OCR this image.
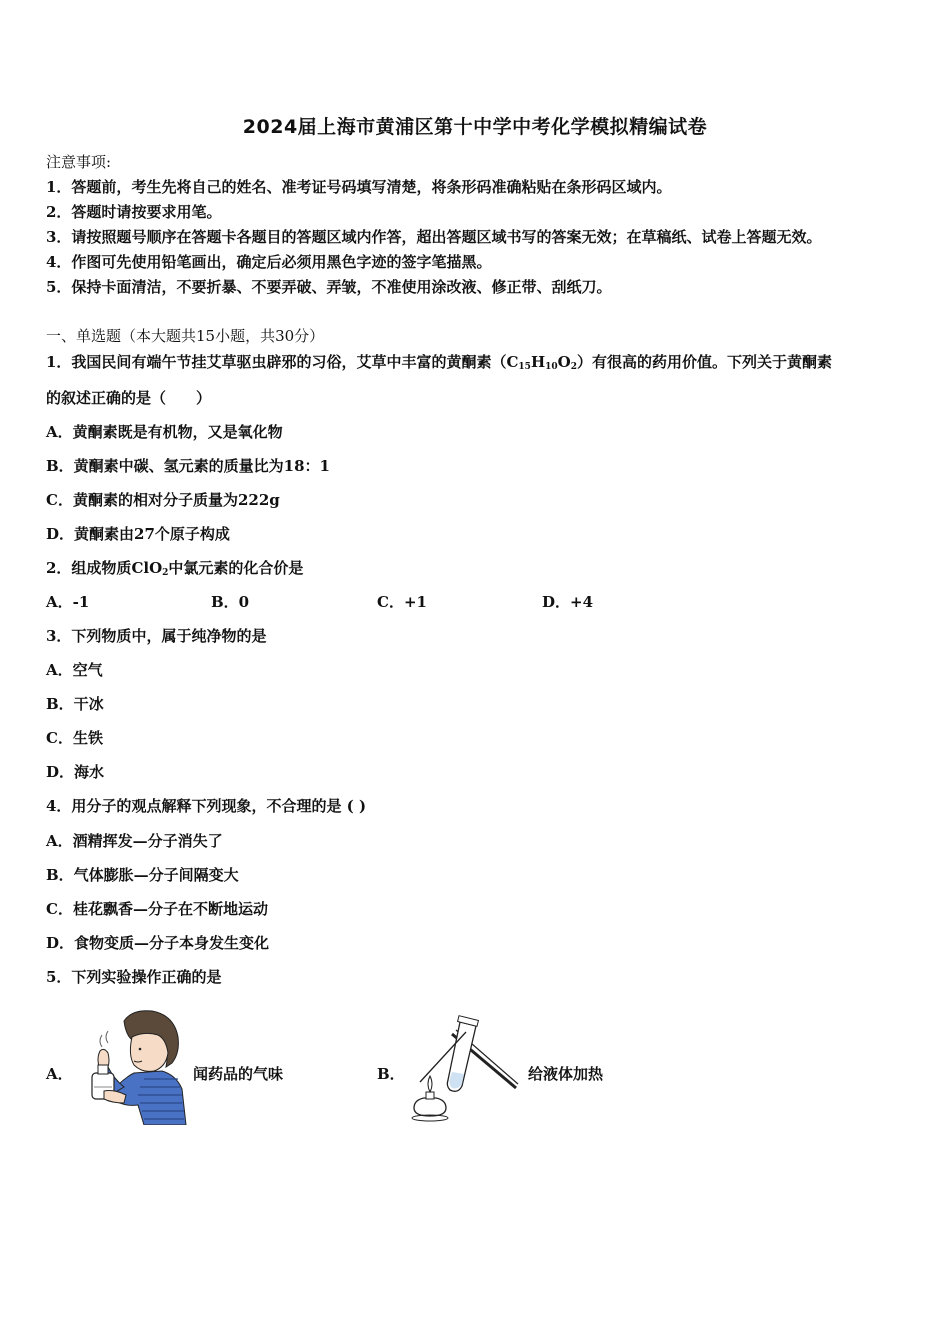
2024届上海市黄浦区第十中学中考化学模拟精编试卷
注意事项:
1．答题前，考生先将自己的姓名、准考证号码填写清楚，将条形码准确粘贴在条形码区域内。
2．答题时请按要求用笔。
3．请按照题号顺序在答题卡各题目的答题区域内作答，超出答题区域书写的答案无效；在草稿纸、试卷上答题无效。
4．作图可先使用铅笔画出，确定后必须用黑色字迹的签字笔描黑。
5．保持卡面清洁，不要折暴、不要弄破、弄皱，不准使用涂改液、修正带、刮纸刀。
一、单选题（本大题共15小题，共30分）
1．我国民间有端午节挂艾草驱虫辟邪的习俗，艾草中丰富的黄酮素$(C_{15}H_{10}O_2)$有很高的药用价值。下列关于黄酮素
的叙述正确的是（　　）
A．黄酮素既是有机物，又是氧化物
B．黄酮素中碳、氢元素的质量比为18：1
C．黄酮素的相对分子质量为222g
D．黄酮素由27个原子构成
2．组成物质ClO$_2$中氯元素的化合价是
A．-1	B．0	C．+1	D．+4
3．下列物质中，属于纯净物的是
A．空气
B．干冰
C．生铁
D．海水
4．用分子的观点解释下列现象，不合理的是 ( )
A．酒精挥发—分子消失了
B．气体膨胀—分子间隔变大
C．桂花飘香—分子在不断地运动
D．食物变质—分子本身发生变化
5．下列实验操作正确的是
A．	闻药品的气味	B．	给液体加热
